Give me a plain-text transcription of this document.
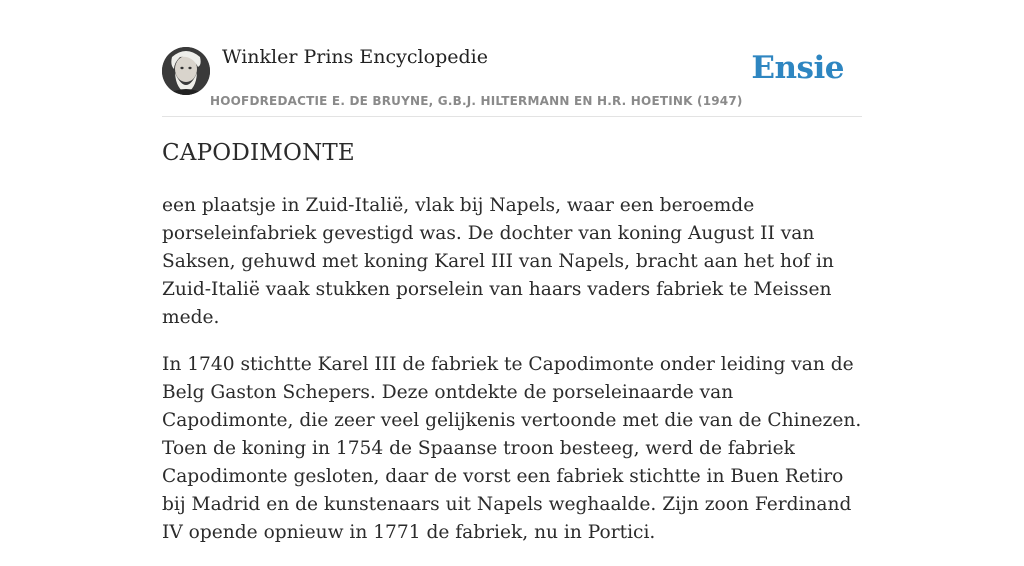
Winkler Prins Encyclopedie
HOOFDREDACTIE E. DE BRUYNE, G.B.J. HILTERMANN EN H.R. HOETINK (1947)
Ensie
CAPODIMONTE

een plaatsje in Zuid-Italië, vlak bij Napels, waar een beroemde porseleinfabriek gevestigd was. De dochter van koning August II van Saksen, gehuwd met koning Karel III van Napels, bracht aan het hof in Zuid-Italië vaak stukken porselein van haars vaders fabriek te Meissen mede.

In 1740 stichtte Karel III de fabriek te Capodimonte onder leiding van de Belg Gaston Schepers. Deze ontdekte de porseleinaarde van Capodimonte, die zeer veel gelijkenis vertoonde met die van de Chinezen. Toen de koning in 1754 de Spaanse troon besteeg, werd de fabriek Capodimonte gesloten, daar de vorst een fabriek stichtte in Buen Retiro bij Madrid en de kunstenaars uit Napels weghaalde. Zijn zoon Ferdinand IV opende opnieuw in 1771 de fabriek, nu in Portici.
